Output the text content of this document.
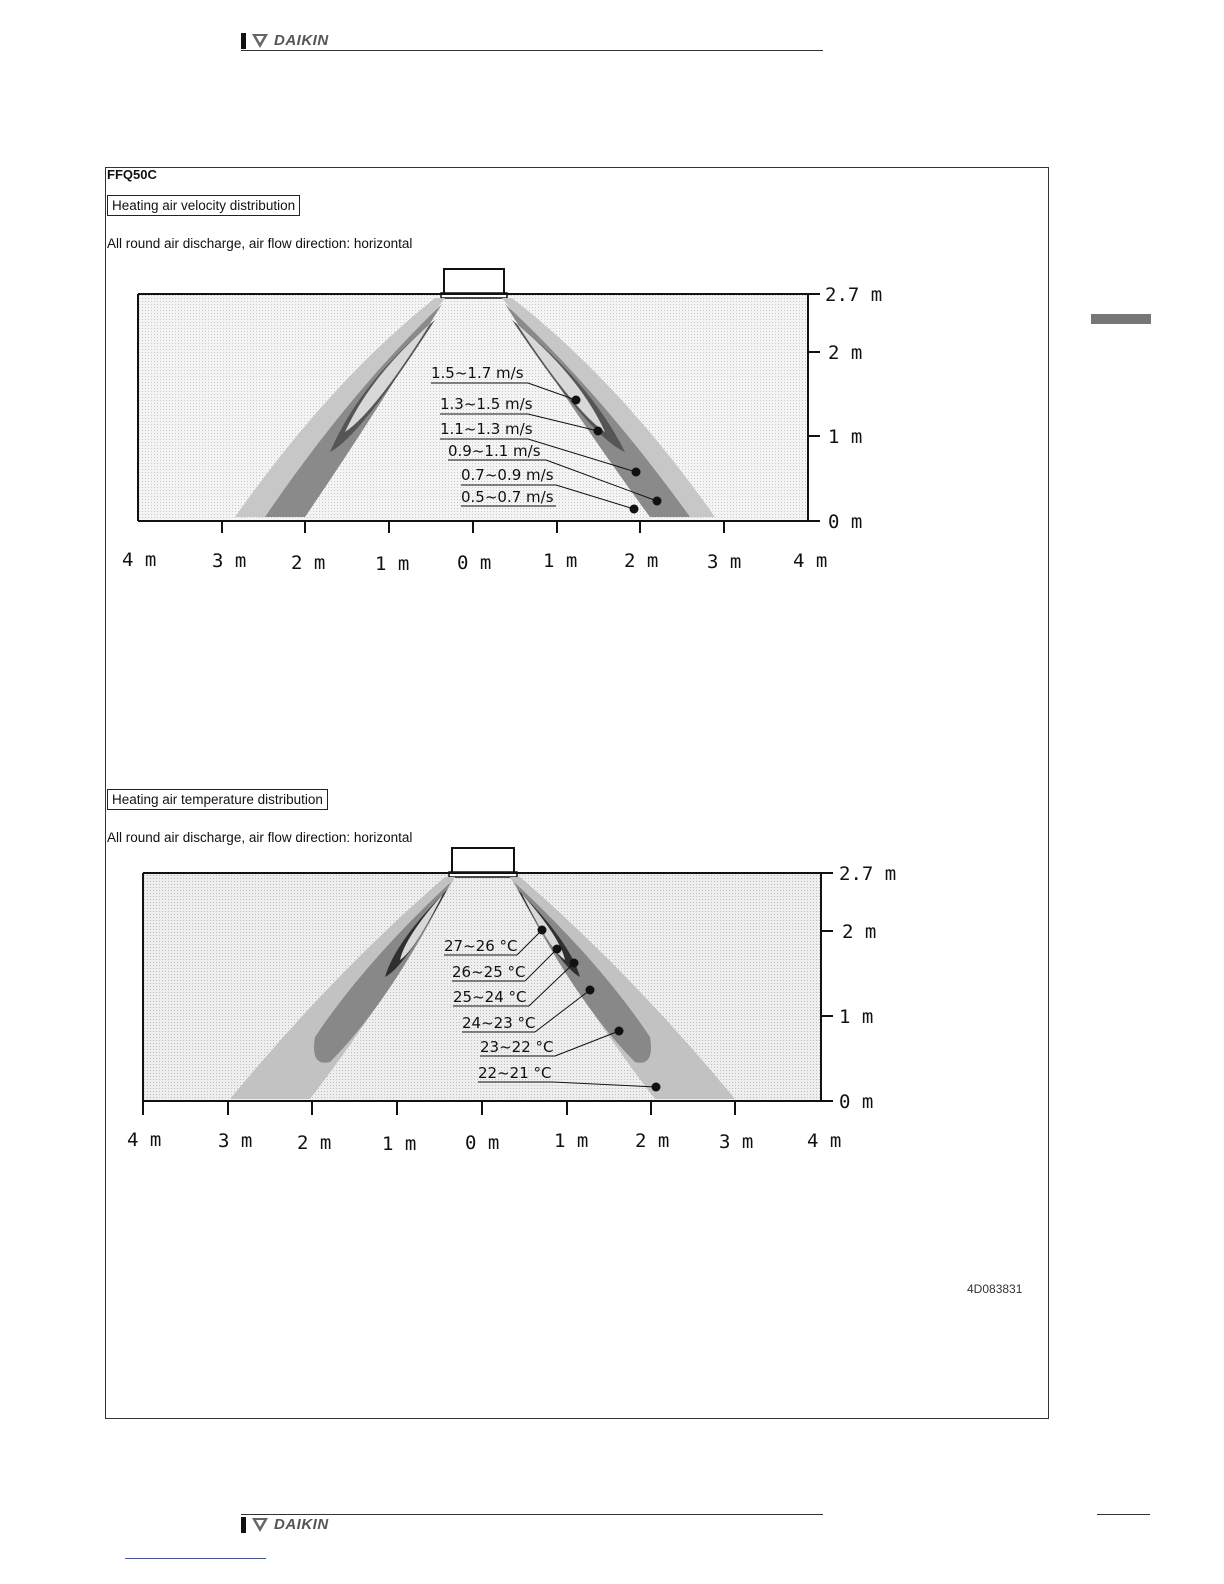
DAIKIN
FFQ50C
Heating air velocity distribution
All round air discharge, air flow direction: horizontal
2.7 m
2 m
1 m
0 m
4 m	3 m 2 m	1 m	0 m	1 m 2 m	3 m	4 m
1.5~1.7 m/s
1.3~1.5 m/s
1.1~1.3 m/s
0.9~1.1 m/s
0.7~0.9 m/s
0.5~0.7 m/s
Heating air temperature distribution
All round air discharge, air flow direction: horizontal
2.7 m
2 m
1 m
0 m
4 m	3 m 2 m	1 m	0 m	1 m 2 m	3 m	4 m
27~26 °C
26~25 °C
25~24 °C
24~23 °C
23~22 °C
22~21 °C
4D083831
DAIKIN
